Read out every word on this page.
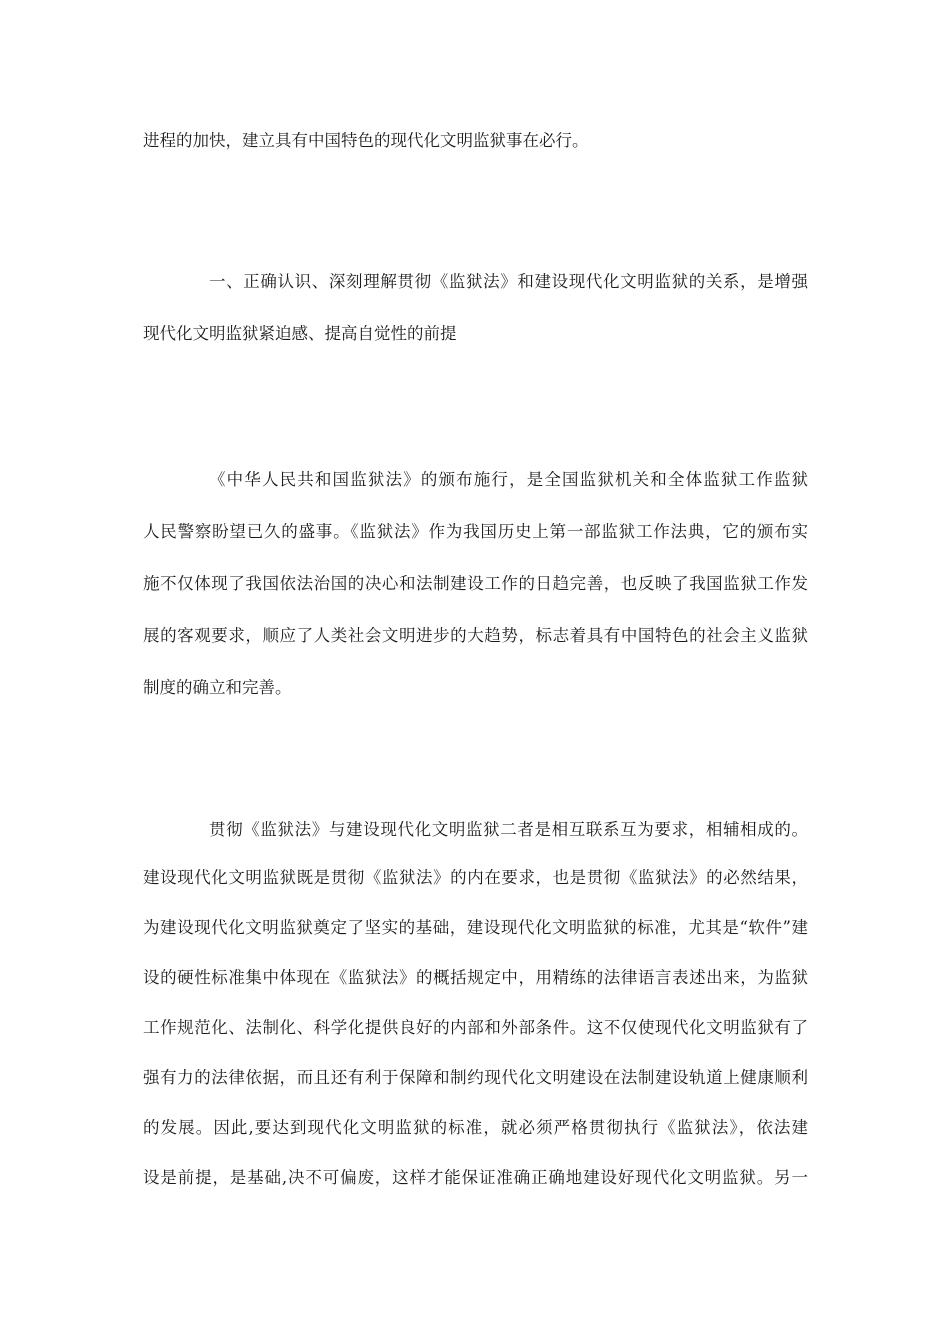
进程的加快，建立具有中国特色的现代化文明监狱事在必行。
一、正确认识、深刻理解贯彻《监狱法》和建设现代化文明监狱的关系，是增强
现代化文明监狱紧迫感、提高自觉性的前提
《中华人民共和国监狱法》的颁布施行，是全国监狱机关和全体监狱工作监狱
人民警察盼望已久的盛事。《监狱法》作为我国历史上第一部监狱工作法典，它的颁布实
施不仅体现了我国依法治国的决心和法制建设工作的日趋完善，也反映了我国监狱工作发
展的客观要求，顺应了人类社会文明进步的大趋势，标志着具有中国特色的社会主义监狱
制度的确立和完善。
贯彻《监狱法》与建设现代化文明监狱二者是相互联系互为要求，相辅相成的。
建设现代化文明监狱既是贯彻《监狱法》的内在要求，也是贯彻《监狱法》的必然结果，
为建设现代化文明监狱奠定了坚实的基础，建设现代化文明监狱的标准，尤其是“软件”建
设的硬性标准集中体现在《监狱法》的概括规定中，用精练的法律语言表述出来，为监狱
工作规范化、法制化、科学化提供良好的内部和外部条件。这不仅使现代化文明监狱有了
强有力的法律依据，而且还有利于保障和制约现代化文明建设在法制建设轨道上健康顺利
的发展。因此,要达到现代化文明监狱的标准，就必须严格贯彻执行《监狱法》，依法建
设是前提，是基础,决不可偏废，这样才能保证准确正确地建设好现代化文明监狱。另一
